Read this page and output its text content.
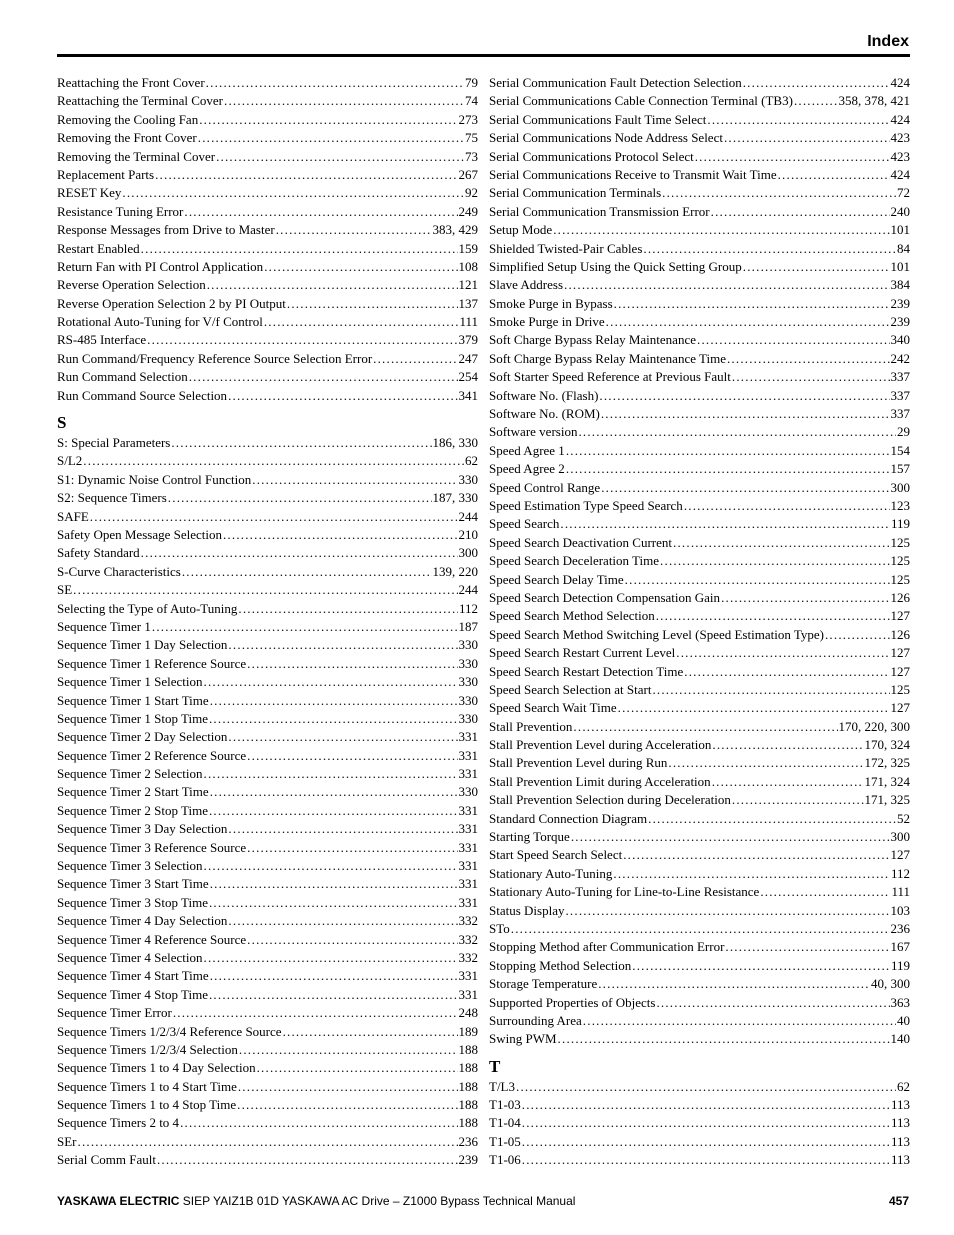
Index
Reattaching the Front Cover .....	79
Reattaching the Terminal Cover .....	74
Removing the Cooling Fan .....	273
Removing the Front Cover .....	75
Removing the Terminal Cover .....	73
Replacement Parts .....	267
RESET Key .....	92
Resistance Tuning Error .....	249
Response Messages from Drive to Master .....	383, 429
Restart Enabled .....	159
Return Fan with PI Control Application .....	108
Reverse Operation Selection .....	121
Reverse Operation Selection 2 by PI Output .....	137
Rotational Auto-Tuning for V/f Control .....	111
RS-485 Interface .....	379
Run Command/Frequency Reference Source Selection Error .....	247
Run Command Selection .....	254
Run Command Source Selection .....	341
S
S: Special Parameters .....	186, 330
S/L2 .....	62
S1: Dynamic Noise Control Function .....	330
S2: Sequence Timers .....	187, 330
SAFE .....	244
Safety Open Message Selection .....	210
Safety Standard .....	300
S-Curve Characteristics .....	139, 220
SE .....	244
Selecting the Type of Auto-Tuning .....	112
Sequence Timer 1 .....	187
Sequence Timer 1 Day Selection .....	330
Sequence Timer 1 Reference Source .....	330
Sequence Timer 1 Selection .....	330
Sequence Timer 1 Start Time .....	330
Sequence Timer 1 Stop Time .....	330
Sequence Timer 2 Day Selection .....	331
Sequence Timer 2 Reference Source .....	331
Sequence Timer 2 Selection .....	331
Sequence Timer 2 Start Time .....	330
Sequence Timer 2 Stop Time .....	331
Sequence Timer 3 Day Selection .....	331
Sequence Timer 3 Reference Source .....	331
Sequence Timer 3 Selection .....	331
Sequence Timer 3 Start Time .....	331
Sequence Timer 3 Stop Time .....	331
Sequence Timer 4 Day Selection .....	332
Sequence Timer 4 Reference Source .....	332
Sequence Timer 4 Selection .....	332
Sequence Timer 4 Start Time .....	331
Sequence Timer 4 Stop Time .....	331
Sequence Timer Error .....	248
Sequence Timers 1/2/3/4 Reference Source .....	189
Sequence Timers 1/2/3/4 Selection .....	188
Sequence Timers 1 to 4 Day Selection .....	188
Sequence Timers 1 to 4 Start Time .....	188
Sequence Timers 1 to 4 Stop Time .....	188
Sequence Timers 2 to 4 .....	188
SEr .....	236
Serial Comm Fault .....	239
Serial Communication Fault Detection Selection .....	424
Serial Communications Cable Connection Terminal (TB3) .....	358, 378, 421
Serial Communications Fault Time Select .....	424
Serial Communications Node Address Select .....	423
Serial Communications Protocol Select .....	423
Serial Communications Receive to Transmit Wait Time .....	424
Serial Communication Terminals .....	72
Serial Communication Transmission Error .....	240
Setup Mode .....	101
Shielded Twisted-Pair Cables .....	84
Simplified Setup Using the Quick Setting Group .....	101
Slave Address .....	384
Smoke Purge in Bypass .....	239
Smoke Purge in Drive .....	239
Soft Charge Bypass Relay Maintenance .....	340
Soft Charge Bypass Relay Maintenance Time .....	242
Soft Starter Speed Reference at Previous Fault .....	337
Software No. (Flash) .....	337
Software No. (ROM) .....	337
Software version .....	29
Speed Agree 1 .....	154
Speed Agree 2 .....	157
Speed Control Range .....	300
Speed Estimation Type Speed Search .....	123
Speed Search .....	119
Speed Search Deactivation Current .....	125
Speed Search Deceleration Time .....	125
Speed Search Delay Time .....	125
Speed Search Detection Compensation Gain .....	126
Speed Search Method Selection .....	127
Speed Search Method Switching Level (Speed Estimation Type) .....	126
Speed Search Restart Current Level .....	127
Speed Search Restart Detection Time .....	127
Speed Search Selection at Start .....	125
Speed Search Wait Time .....	127
Stall Prevention .....	170, 220, 300
Stall Prevention Level during Acceleration .....	170, 324
Stall Prevention Level during Run .....	172, 325
Stall Prevention Limit during Acceleration .....	171, 324
Stall Prevention Selection during Deceleration .....	171, 325
Standard Connection Diagram .....	52
Starting Torque .....	300
Start Speed Search Select .....	127
Stationary Auto-Tuning .....	112
Stationary Auto-Tuning for Line-to-Line Resistance .....	111
Status Display .....	103
STo .....	236
Stopping Method after Communication Error .....	167
Stopping Method Selection .....	119
Storage Temperature .....	40, 300
Supported Properties of Objects .....	363
Surrounding Area .....	40
Swing PWM .....	140
T
T/L3 .....	62
T1-03 .....	113
T1-04 .....	113
T1-05 .....	113
T1-06 .....	113
YASKAWA ELECTRIC SIEP YAIZ1B 01D YASKAWA AC Drive – Z1000 Bypass Technical Manual	457
